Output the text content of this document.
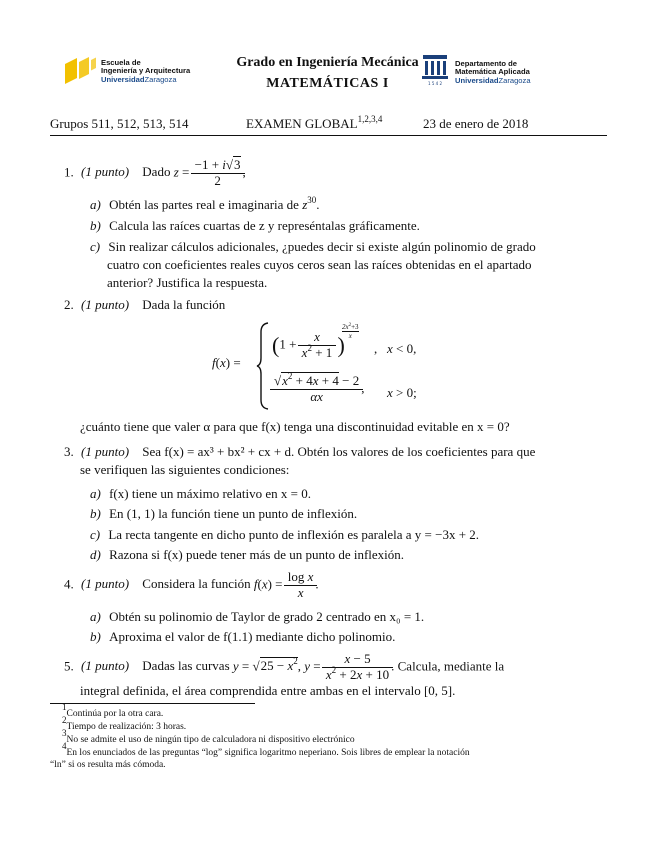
Escuela de
Ingeniería y Arquitectura
UniversidadZaragoza
Grado en Ingeniería Mecánica
MATEMÁTICAS I	1 5 4 2
Departamento de
Matemática Aplicada
UniversidadZaragoza
Grupos 511, 512, 513, 514	EXAMEN GLOBAL$^{1,2,3,4}$	23 de enero de 2018
1. (1 punto) Dado $z = \frac{-1 + i√3}{2}$ ,
a) Obtén las partes real e imaginaria de $z^{30}$.
b) Calcula las raíces cuartas de z y represéntalas gráficamente.
c) Sin realizar cálculos adicionales, ¿puedes decir si existe algún polinomio de grado
cuatro con coeficientes reales cuyos ceros sean las raíces obtenidas en el apartado
anterior? Justifica la respuesta.
2. (1 punto) Dada la función
f(x) =
($1 + \frac{x}{x^2 + 1}$ )
$2x^2+3$
x
,   x < 0,
$\frac{√x^2 + 4x + 4 - 2}{\alpha x}$ , x > 0;
¿cuánto tiene que valer α para que f(x) tenga una discontinuidad evitable en x = 0?
3. (1 punto) Sea f(x) = ax³ + bx² + cx + d. Obtén los valores de los coeficientes para que
se verifiquen las siguientes condiciones:
a) f(x) tiene un máximo relativo en x = 0.
b) En (1, 1) la función tiene un punto de inflexión.
c) La recta tangente en dicho punto de inflexión es paralela a y = −3x + 2.
d) Razona si f(x) puede tener más de un punto de inflexión.
4. (1 punto) Considera la función $f(x) = \frac{\text{log x}}{x}$ .
a) Obtén su polinomio de Taylor de grado 2 centrado en x₀ = 1.
b) Aproxima el valor de f(1.1) mediante dicho polinomio.
5. (1 punto) Dadas las curvas $y = √25 - x^2$, $y = \frac{x - 5}{x^2 + 2x + 10}$ . Calcula, mediante la
integral definida, el área comprendida entre ambas en el intervalo [0, 5].
$^1$Continúa por la otra cara.
$^2$Tiempo de realización: 3 horas.
$^3$No se admite el uso de ningún tipo de calculadora ni dispositivo electrónico
$^4$En los enunciados de las preguntas “log” significa logaritmo neperiano. Sois libres de emplear la notación
“ln” si os resulta más cómoda.
